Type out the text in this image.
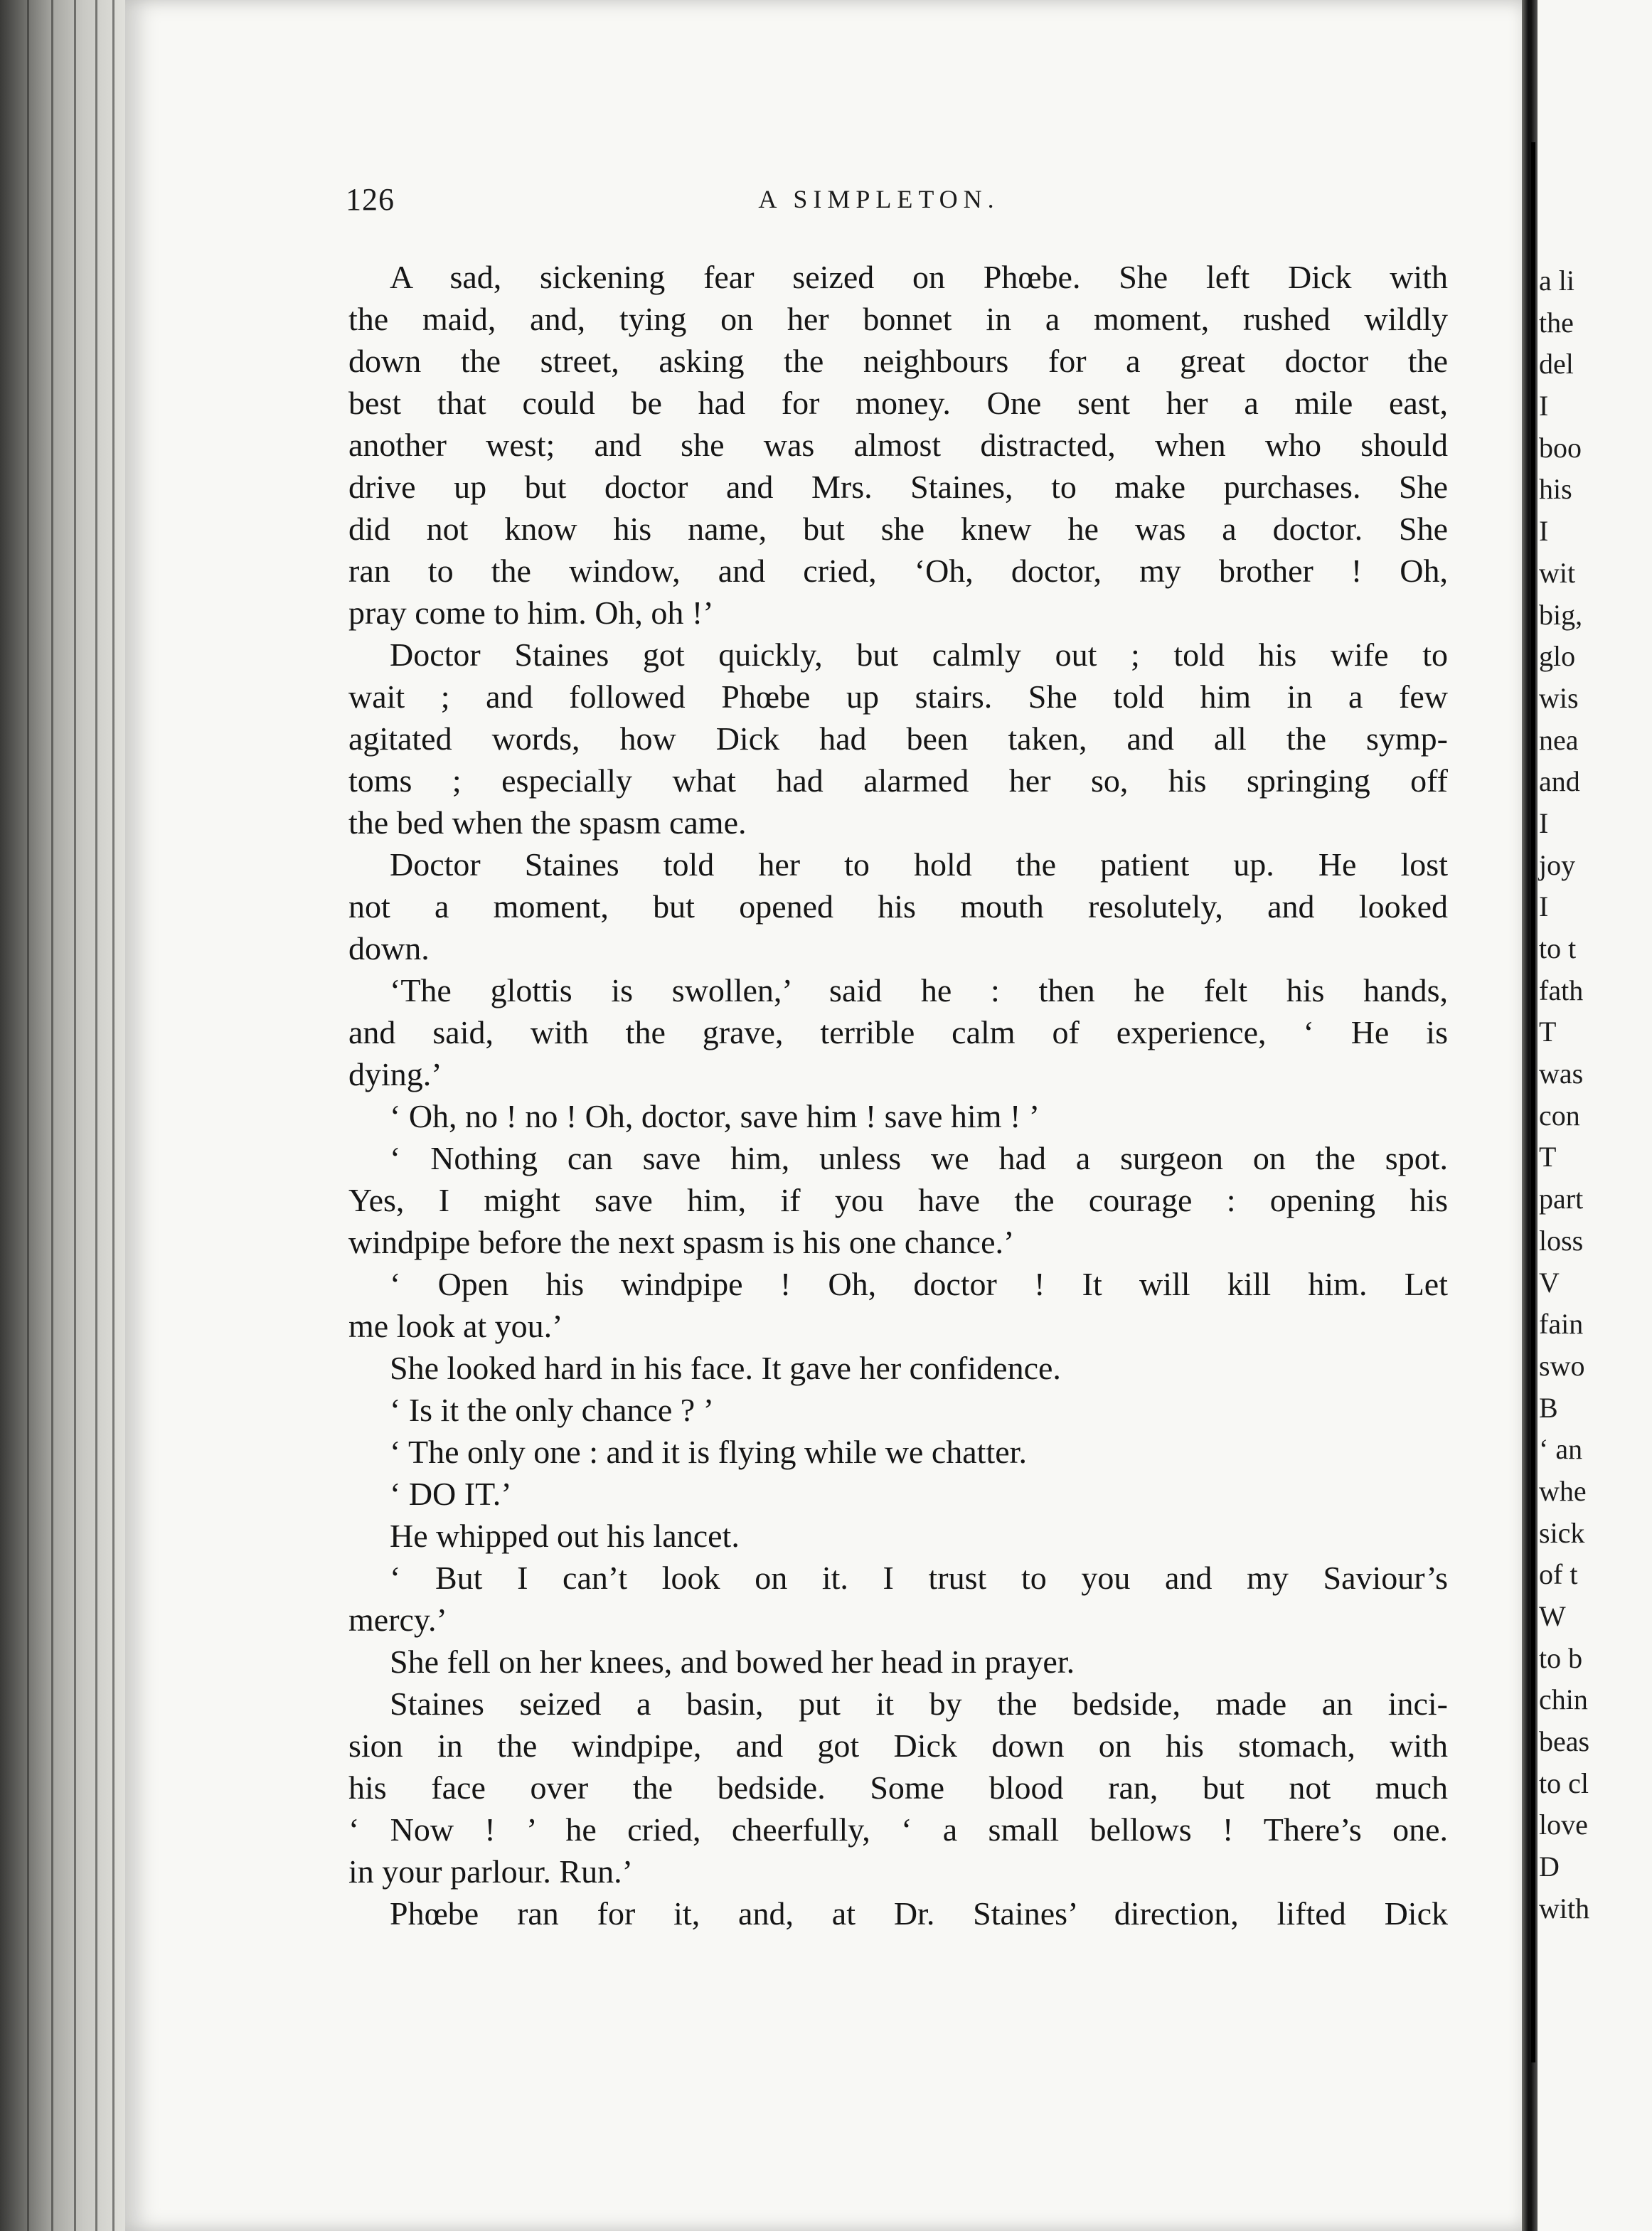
126	A SIMPLETON.
A sad, sickening fear seized on Phœbe. She left Dick with
the maid, and, tying on her bonnet in a moment, rushed wildly
down the street, asking the neighbours for a great doctor the
best that could be had for money. One sent her a mile east,
another west; and she was almost distracted, when who should
drive up but doctor and Mrs. Staines, to make purchases. She
did not know his name, but she knew he was a doctor. She
ran to the window, and cried, ‘Oh, doctor, my brother ! Oh,
pray come to him. Oh, oh !’
Doctor Staines got quickly, but calmly out ; told his wife to
wait ; and followed Phœbe up stairs. She told him in a few
agitated words, how Dick had been taken, and all the symp-
toms ; especially what had alarmed her so, his springing off
the bed when the spasm came.
Doctor Staines told her to hold the patient up. He lost
not a moment, but opened his mouth resolutely, and looked
down.
‘The glottis is swollen,’ said he : then he felt his hands,
and said, with the grave, terrible calm of experience, ‘ He is
dying.’
‘ Oh, no ! no ! Oh, doctor, save him ! save him ! ’
‘ Nothing can save him, unless we had a surgeon on the spot.
Yes, I might save him, if you have the courage : opening his
windpipe before the next spasm is his one chance.’
‘ Open his windpipe ! Oh, doctor ! It will kill him. Let
me look at you.’
She looked hard in his face. It gave her confidence.
‘ Is it the only chance ? ’
‘ The only one : and it is flying while we chatter.
‘ DO IT.’
He whipped out his lancet.
‘ But I can’t look on it. I trust to you and my Saviour’s
mercy.’
She fell on her knees, and bowed her head in prayer.
Staines seized a basin, put it by the bedside, made an inci-
sion in the windpipe, and got Dick down on his stomach, with
his face over the bedside. Some blood ran, but not much
‘ Now ! ’ he cried, cheerfully, ‘ a small bellows ! There’s one.
in your parlour. Run.’
Phœbe ran for it, and, at Dr. Staines’ direction, lifted Dick
a li
the
del
I
boo
his
I
wit
big,
glo
wis
nea
and
I
joy
I
to t
fath
T
was
con
T
part
loss
V
fain
swo
B
‘ an
whe
sick
of t
W
to b
chin
beas
to cl
love
D
with
